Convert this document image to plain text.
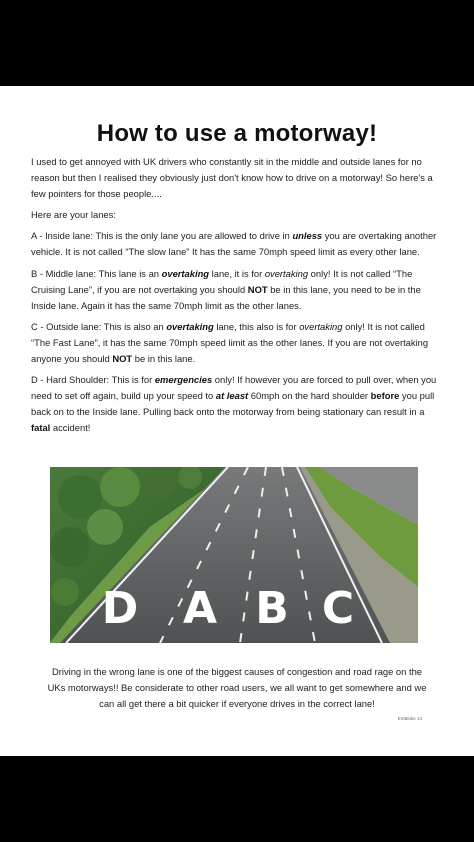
How to use a motorway!

I used to get annoyed with UK drivers who constantly sit in the middle and outside lanes for no reason but then I realised they obviously just don't know how to drive on a motorway! So here's a few pointers for those people....

Here are your lanes:

A - Inside lane: This is the only lane you are allowed to drive in unless you are overtaking another vehicle. It is not called “The slow lane” It has the same 70mph speed limit as every other lane.

B - Middle lane: This lane is an overtaking lane, it is for overtaking only! It is not called “The Cruising Lane”, if you are not overtaking you should NOT be in this lane, you need to be in the Inside lane. Again it has the same 70mph limit as the other lanes.

C - Outside lane: This is also an overtaking lane, this also is for overtaking only! It is not called “The Fast Lane”, it has the same 70mph speed limit as the other lanes. If you are not overtaking anyone you should NOT be in this lane.

D - Hard Shoulder: This is for emergencies only! If however you are forced to pull over, when you need to set off again, build up your speed to at least 60mph on the hard shoulder before you pull back on to the Inside lane. Pulling back onto the motorway from being stationary can result in a fatal accident!

D A B C
Driving in the wrong lane is one of the biggest causes of congestion and road rage on the UKs motorways!! Be considerate to other road users, we all want to get somewhere and we can all get there a bit quicker if everyone drives in the correct lane!
EmBloke 14
